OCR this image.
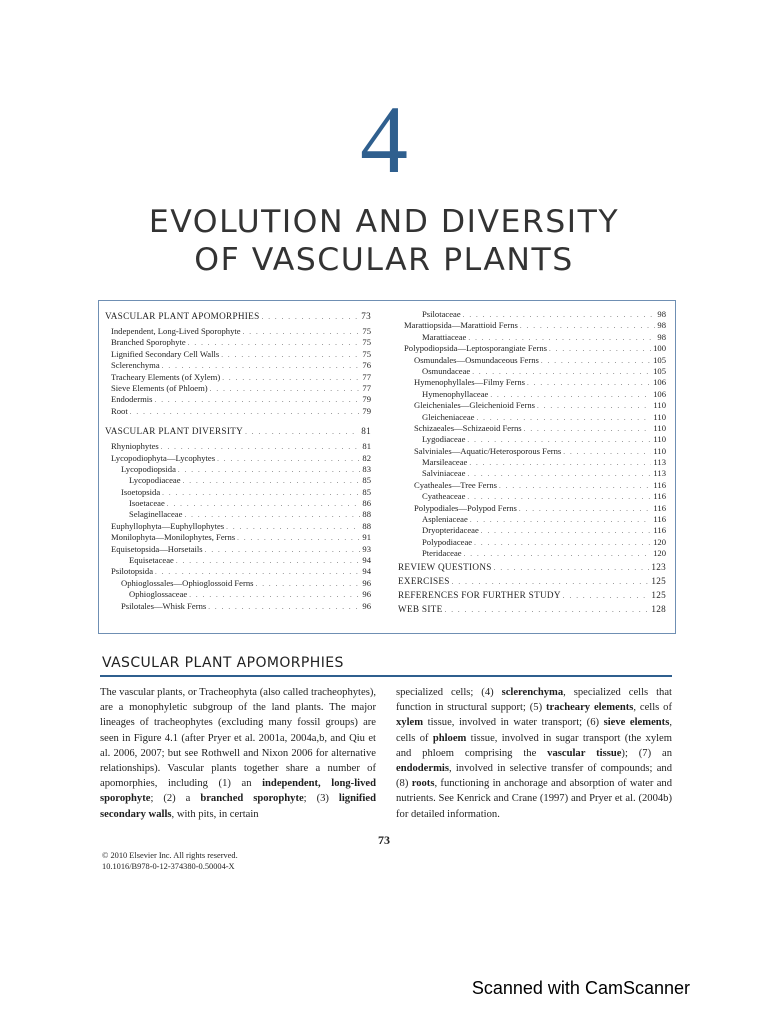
4
EVOLUTION AND DIVERSITY
OF VASCULAR PLANTS
VASCULAR PLANT APOMORPHIES . . .	73
Independent, Long-Lived Sporophyte . . .	75
Branched Sporophyte . . .	75
Lignified Secondary Cell Walls . . .	75
Sclerenchyma . . .	76
Tracheary Elements (of Xylem) . . .	77
Sieve Elements (of Phloem) . . .	77
Endodermis . . .	79
Root . . .	79
VASCULAR PLANT DIVERSITY . . .	81
Rhyniophytes . . .	81
Lycopodiophyta—Lycophytes . . .	82
Lycopodiopsida . . .	83
Lycopodiaceae . . .	85
Isoetopsida . . .	85
Isoetaceae . . .	86
Selaginellaceae . . .	88
Euphyllophyta—Euphyllophytes . . .	88
Monilophyta—Monilophytes, Ferns . . .	91
Equisetopsida—Horsetails . . .	93
Equisetaceae . . .	94
Psilotopsida . . .	94
Ophioglossales—Ophioglossoid Ferns . . .	96
Ophioglossaceae . . .	96
Psilotales—Whisk Ferns . . .	96
Psilotaceae . . .	98
Marattiopsida—Marattioid Ferns . . .	98
Marattiaceae . . .	98
Polypodiopsida—Leptosporangiate Ferns . . .	100
Osmundales—Osmundaceous Ferns . . .	105
Osmundaceae . . .	105
Hymenophyllales—Filmy Ferns . . .	106
Hymenophyllaceae . . .	106
Gleicheniales—Gleichenioid Ferns . . .	110
Gleicheniaceae . . .	110
Schizaeales—Schizaeoid Ferns . . .	110
Lygodiaceae . . .	110
Salviniales—Aquatic/Heterosporous Ferns . . .	110
Marsileaceae . . .	113
Salviniaceae . . .	113
Cyatheales—Tree Ferns . . .	116
Cyatheaceae . . .	116
Polypodiales—Polypod Ferns . . .	116
Aspleniaceae . . .	116
Dryopteridaceae . . .	116
Polypodiaceae . . .	120
Pteridaceae . . .	120
REVIEW QUESTIONS . . .	123
EXERCISES . . .	125
REFERENCES FOR FURTHER STUDY . . .	125
WEB SITE . . .	128
VASCULAR PLANT APOMORPHIES
The vascular plants, or Tracheophyta (also called tracheophytes), are a monophyletic subgroup of the land plants. The major lineages of tracheophytes (excluding many fossil groups) are seen in Figure 4.1 (after Pryer et al. 2001a, 2004a,b, and Qiu et al. 2006, 2007; but see Rothwell and Nixon 2006 for alternative relationships). Vascular plants together share a number of apomorphies, including (1) an independent, long-lived sporophyte; (2) a branched sporophyte; (3) lignified secondary walls, with pits, in certain
specialized cells; (4) sclerenchyma, specialized cells that function in structural support; (5) tracheary elements, cells of xylem tissue, involved in water transport; (6) sieve elements, cells of phloem tissue, involved in sugar transport (the xylem and phloem comprising the vascular tissue); (7) an endodermis, involved in selective transfer of compounds; and (8) roots, functioning in anchorage and absorption of water and nutrients. See Kenrick and Crane (1997) and Pryer et al. (2004b) for detailed information.
73
© 2010 Elsevier Inc. All rights reserved.
10.1016/B978-0-12-374380-0.50004-X
Scanned with CamScanner
